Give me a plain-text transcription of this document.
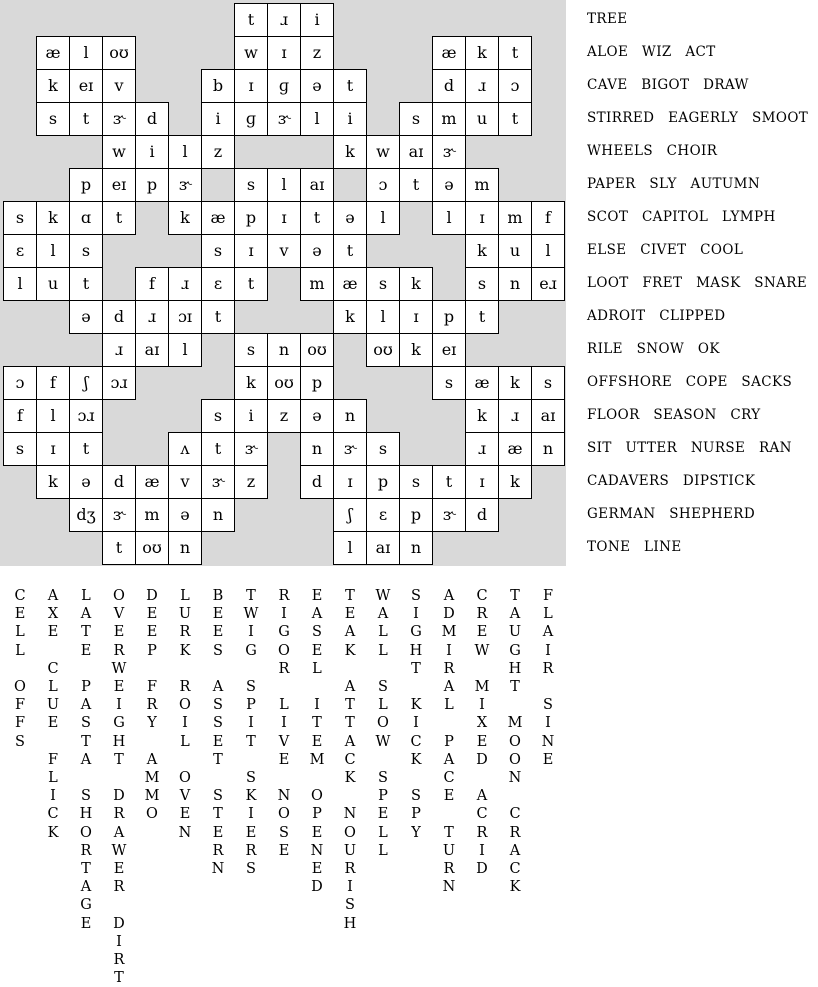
t	ɹ	i
æ	l	oʊ	w	ɪ	z	æ	k	t
k	eɪ	v	b	ɪ	ɡ	ə	t	d	ɹ	ɔ
s	t	ɝ	d	i	ɡ	ɝ	l	i	s	m	u	t
w	i	l	z	k	w	aɪ	ɝ
p	eɪ	p	ɝ	s	l	aɪ	ɔ	t	ə	m
s	k	ɑ	t	k	æ	p	ɪ	t	ə	l	l	ɪ	m	f
ɛ	l	s	s	ɪ	v	ə	t	k	u	l
l	u	t	f	ɹ	ɛ	t	m	æ	s	k	s	n	eɹ
ə	d	ɹ	ɔɪ	t	k	l	ɪ	p	t
ɹ	aɪ	l	s	n	oʊ	oʊ	k	eɪ
ɔ	f	ʃ	ɔɹ	k	oʊ	p	s	æ	k	s
f	l	ɔɹ	s	i	z	ə	n	k	ɹ	aɪ
s	ɪ	t	ʌ	t	ɝ	n	ɝ	s	ɹ	æ	n
k	ə	d	æ	v	ɝ	z	d	ɪ	p	s	t	ɪ	k
dʒ	ɝ	m	ə	n	ʃ	ɛ	p	ɝ	d
t	oʊ	n	l	aɪ	n
TREE
ALOE WIZ ACT
CAVE BIGOT DRAW
STIRRED EAGERLY SMOOT
WHEELS CHOIR
PAPER SLY AUTUMN
SCOT CAPITOL LYMPH
ELSE CIVET COOL
LOOT FRET MASK SNARE
ADROIT CLIPPED
RILE SNOW OK
OFFSHORE COPE SACKS
FLOOR SEASON CRY
SIT UTTER NURSE RAN
CADAVERS DIPSTICK
GERMAN SHEPHERD
TONE LINE
C
E
L
L
O
F
F
S
A
X
E
C
L
U
E
F
L
I
C
K
L
A
T
E
P
A
S
T
A
S
H
O
R
T
A
G
E
O
V
E
R
W
E
I
G
H
T
D
R
A
W
E
R
D
I
R
T
D
E
E
P
F
R
Y
A
M
M
O
L
U
R
K
R
O
I
L
O
V
E
N
B
E
E
S
A
S
S
E
T
S
T
E
R
N
T
W
I
G
S
P
I
T
S
K
I
E
R
S
R
I
G
O
R
L
I
V
E
N
O
S
E
E
A
S
E
L
I
T
E
M
O
P
E
N
E
D
T
E
A
K
A
T
T
A
C
K
N
O
U
R
I
S
H
W
A
L
L
S
L
O
W
S
P
E
L
L
S
I
G
H
T
K
I
C
K
S
P
Y
A
D
M
I
R
A
L
P
A
C
E
T
U
R
N
C
R
E
W
M
I
X
E
D
A
C
R
I
D
T
A
U
G
H
T
M
O
O
N
C
R
A
C
K
F
L
A
I
R
S
I
N
E
